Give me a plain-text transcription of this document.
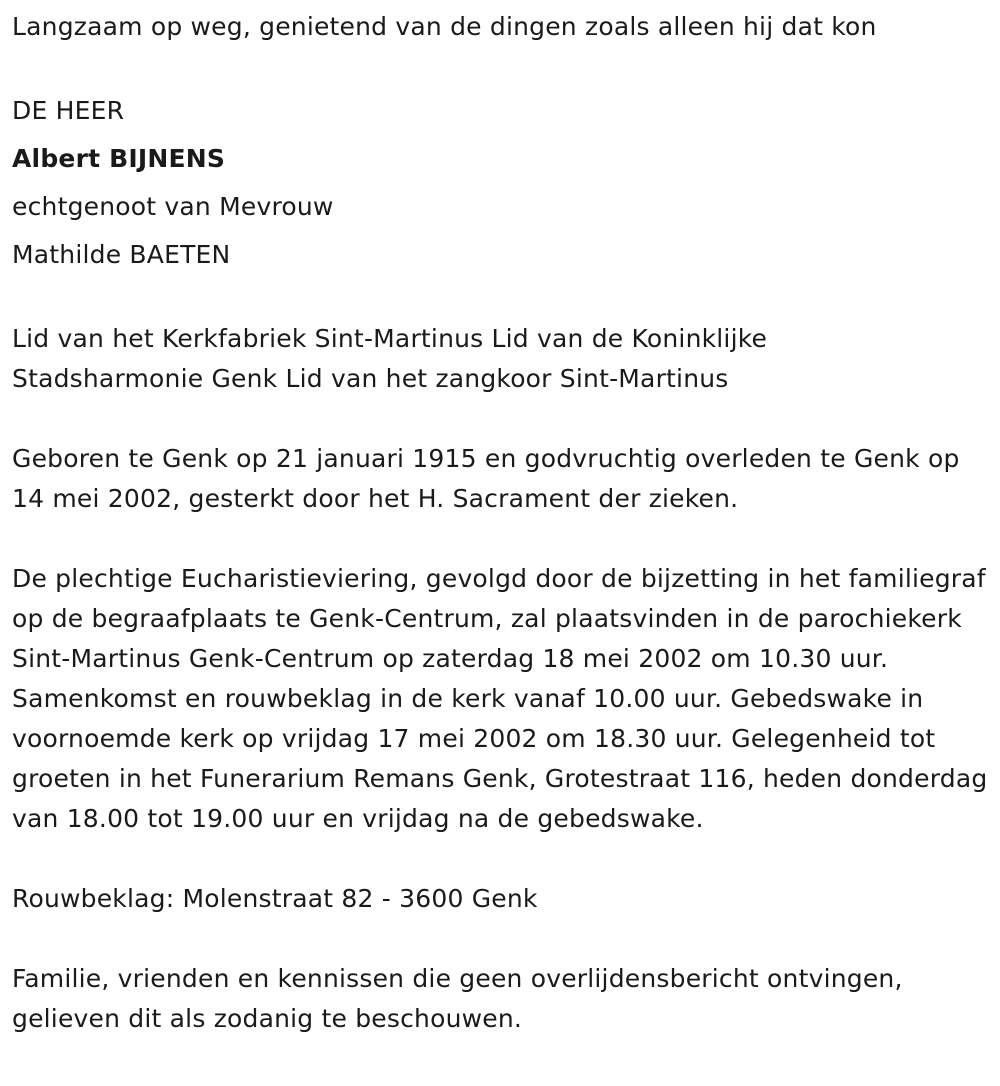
Langzaam op weg, genietend van de dingen zoals alleen hij dat kon

DE HEER

Albert BIJNENS

echtgenoot van Mevrouw

Mathilde BAETEN

Lid van het Kerkfabriek Sint-Martinus Lid van de Koninklijke Stadsharmonie Genk Lid van het zangkoor Sint-Martinus

Geboren te Genk op 21 januari 1915 en godvruchtig overleden te Genk op 14 mei 2002, gesterkt door het H. Sacrament der zieken.

De plechtige Eucharistieviering, gevolgd door de bijzetting in het familiegraf op de begraafplaats te Genk-Centrum, zal plaatsvinden in de parochiekerk Sint-Martinus Genk-Centrum op zaterdag 18 mei 2002 om 10.30 uur. Samenkomst en rouwbeklag in de kerk vanaf 10.00 uur. Gebedswake in voornoemde kerk op vrijdag 17 mei 2002 om 18.30 uur. Gelegenheid tot groeten in het Funerarium Remans Genk, Grotestraat 116, heden donderdag van 18.00 tot 19.00 uur en vrijdag na de gebedswake.

Rouwbeklag: Molenstraat 82 - 3600 Genk

Familie, vrienden en kennissen die geen overlijdensbericht ontvingen, gelieven dit als zodanig te beschouwen.
